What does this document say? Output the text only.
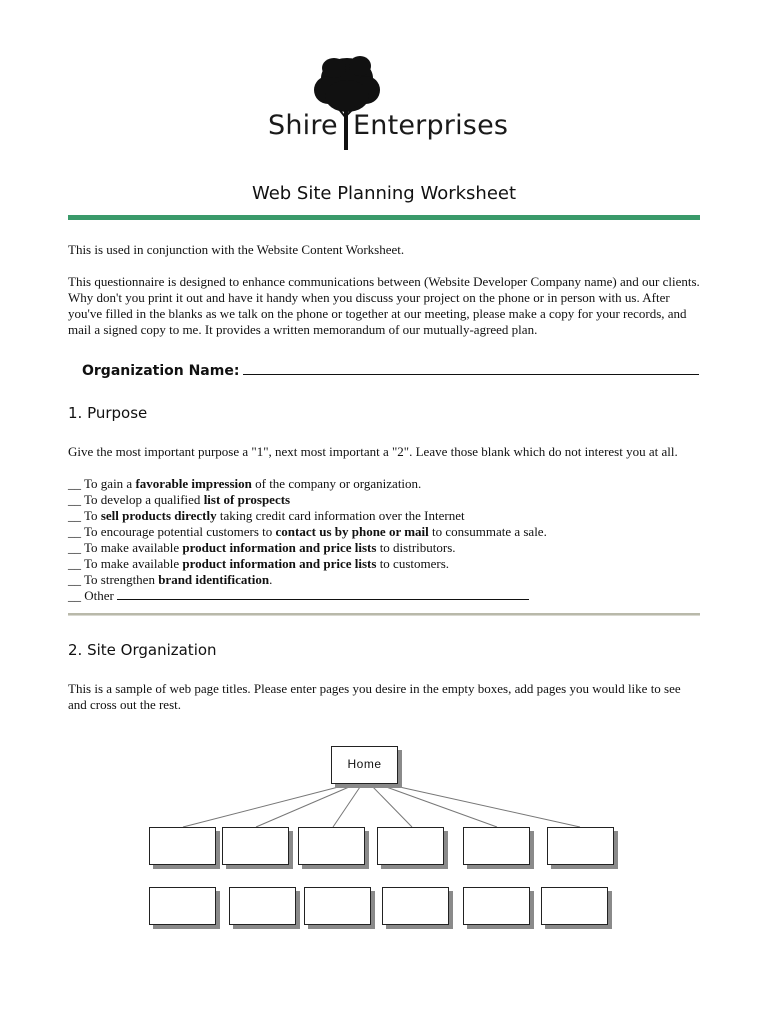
Shire Enterprises
Web Site Planning Worksheet
This is used in conjunction with the Website Content Worksheet.
This questionnaire is designed to enhance communications between (Website Developer Company name) and our clients. Why don't you print it out and have it handy when you discuss your project on the phone or in person with us. After you've filled in the blanks as we talk on the phone or together at our meeting, please make a copy for your records, and mail a signed copy to me. It provides a written memorandum of our mutually-agreed plan.
Organization Name:
1. Purpose
Give the most important purpose a "1", next most important a "2". Leave those blank which do not interest you at all.
__ To gain a favorable impression of the company or organization.
__ To develop a qualified list of prospects
__ To sell products directly taking credit card information over the Internet
__ To encourage potential customers to contact us by phone or mail to consummate a sale.
__ To make available product information and price lists to distributors.
__ To make available product information and price lists to customers.
__ To strengthen brand identification.
__ Other
2. Site Organization
This is a sample of web page titles. Please enter pages you desire in the empty boxes, add pages you would like to see and cross out the rest.
Home
